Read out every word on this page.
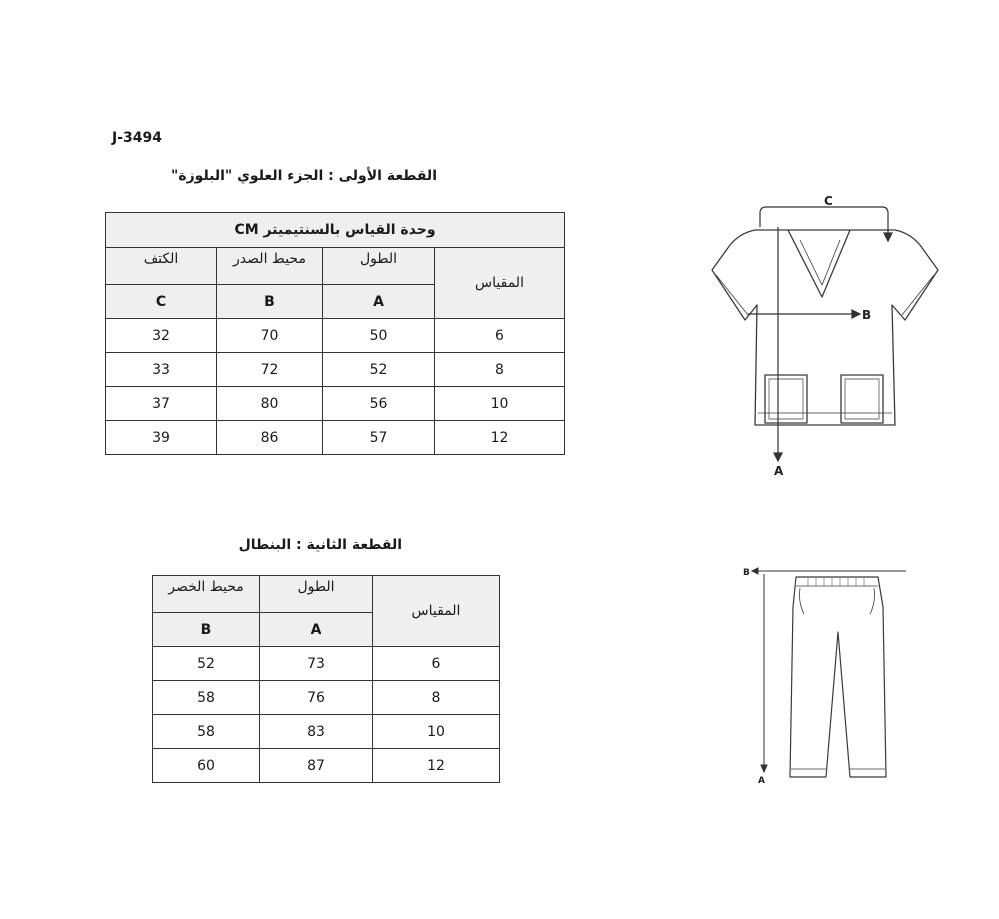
J-3494
القطعة الأولى : الجزء العلوي "البلوزة"
وحدة القياس بالسنتيميتر CM			
الكتف	محيط الصدر	الطول	المقياس
C	B	A	
32	70	50	6
33	72	52	8
37	80	56	10
39	86	57	12
القطعة الثانية : البنطال
محيط الخصر	الطول	المقياس
B	A	
52	73	6
58	76	8
58	83	10
60	87	12
C
B
A
B
A
